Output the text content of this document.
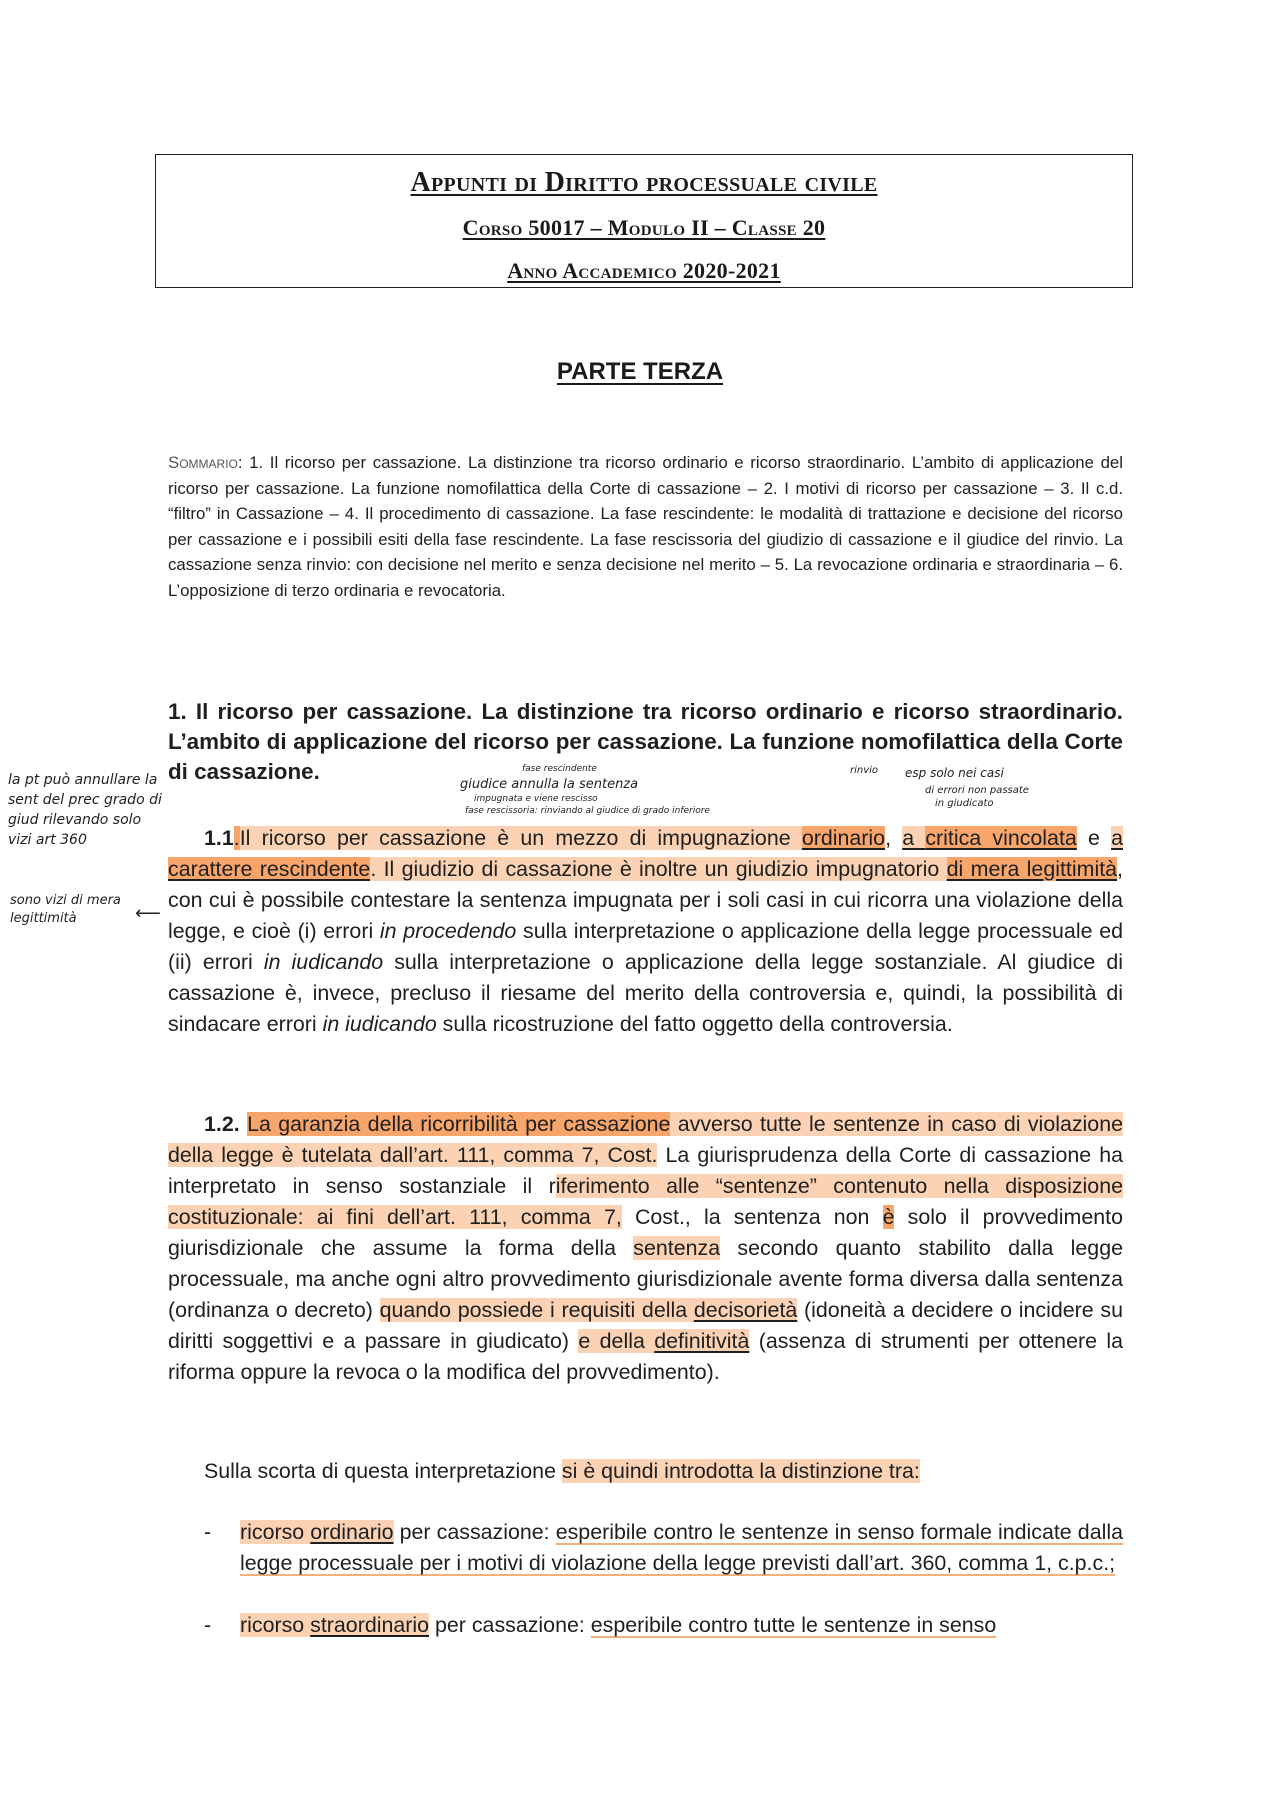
Appunti di Diritto processuale civile
Corso 50017 – Modulo II – Classe 20
Anno Accademico 2020-2021
PARTE TERZA
Sommario: 1. Il ricorso per cassazione. La distinzione tra ricorso ordinario e ricorso straordinario. L’ambito di applicazione del ricorso per cassazione. La funzione nomofilattica della Corte di cassazione – 2. I motivi di ricorso per cassazione – 3. Il c.d. “filtro” in Cassazione – 4. Il procedimento di cassazione. La fase rescindente: le modalità di trattazione e decisione del ricorso per cassazione e i possibili esiti della fase rescindente. La fase rescissoria del giudizio di cassazione e il giudice del rinvio. La cassazione senza rinvio: con decisione nel merito e senza decisione nel merito – 5. La revocazione ordinaria e straordinaria – 6. L’opposizione di terzo ordinaria e revocatoria.
1. Il ricorso per cassazione. La distinzione tra ricorso ordinario e ricorso straordinario. L’ambito di applicazione del ricorso per cassazione. La funzione nomofilattica della Corte di cassazione.
1.1.Il ricorso per cassazione è un mezzo di impugnazione ordinario, a critica vincolata e a carattere rescindente. Il giudizio di cassazione è inoltre un giudizio impugnatorio di mera legittimità, con cui è possibile contestare la sentenza impugnata per i soli casi in cui ricorra una violazione della legge, e cioè (i) errori in procedendo sulla interpretazione o applicazione della legge processuale ed (ii) errori in iudicando sulla interpretazione o applicazione della legge sostanziale. Al giudice di cassazione è, invece, precluso il riesame del merito della controversia e, quindi, la possibilità di sindacare errori in iudicando sulla ricostruzione del fatto oggetto della controversia.
1.2. La garanzia della ricorribilità per cassazione avverso tutte le sentenze in caso di violazione della legge è tutelata dall’art. 111, comma 7, Cost. La giurisprudenza della Corte di cassazione ha interpretato in senso sostanziale il riferimento alle “sentenze” contenuto nella disposizione costituzionale: ai fini dell’art. 111, comma 7, Cost., la sentenza non è solo il provvedimento giurisdizionale che assume la forma della sentenza secondo quanto stabilito dalla legge processuale, ma anche ogni altro provvedimento giurisdizionale avente forma diversa dalla sentenza (ordinanza o decreto) quando possiede i requisiti della decisorietà (idoneità a decidere o incidere su diritti soggettivi e a passare in giudicato) e della definitività (assenza di strumenti per ottenere la riforma oppure la revoca o la modifica del provvedimento).
Sulla scorta di questa interpretazione si è quindi introdotta la distinzione tra:
-	ricorso ordinario per cassazione: esperibile contro le sentenze in senso formale indicate dalla legge processuale per i motivi di violazione della legge previsti dall’art. 360, comma 1, c.p.c.;
-	ricorso straordinario per cassazione: esperibile contro tutte le sentenze in senso
la pt può annullare la sent del prec grado di giud rilevando solo vizi art 360
sono vizi di mera legittimità	⟵
fase rescindente
giudice annulla la sentenza
impugnata e viene rescisso
fase rescissoria: rinviando al giudice di grado inferiore
rinvio esp solo nei casi
di errori non passate
in giudicato
